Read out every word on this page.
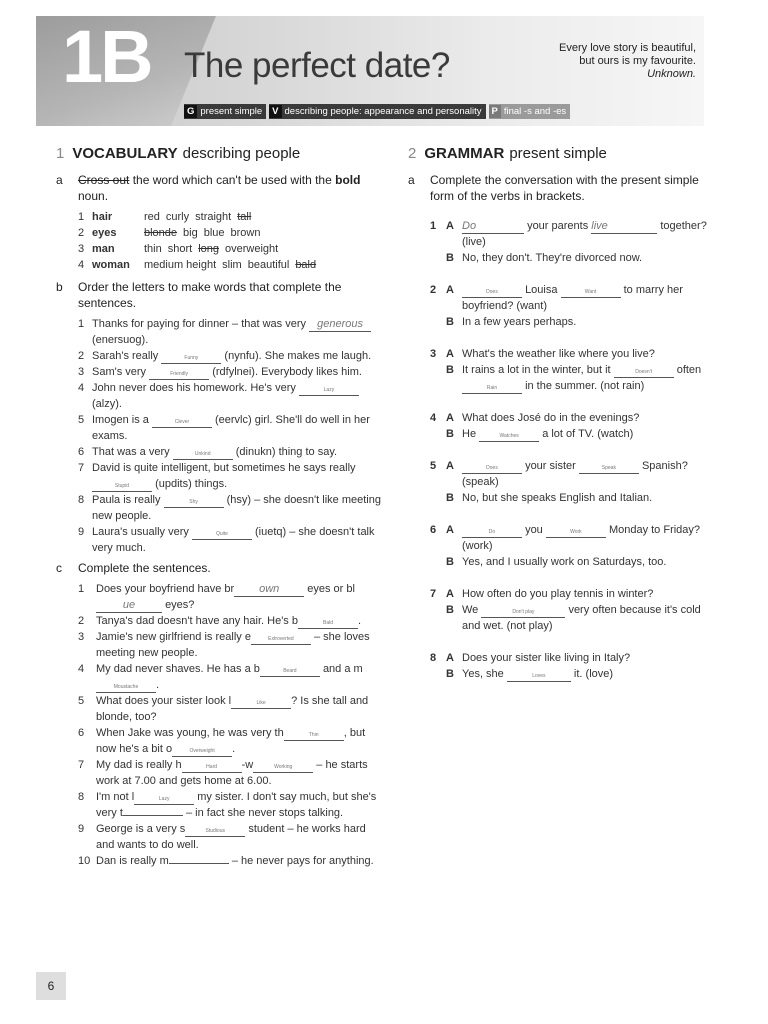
1B The perfect date?	Every love story is beautiful,
but ours is my favourite.
Unknown.
G present simple	V describing people: appearance and personality	P final -s and -es
1 VOCABULARY describing people
a	Cross out the word which can't be used with the bold noun.
1 hair	red curly straight tall
2 eyes	blonde big blue brown
3 man	thin short long overweight
4 woman	medium height slim beautiful bald
b	Order the letters to make words that complete the sentences.
1 Thanks for paying for dinner – that was very generous (enersuog).
2 Sarah's really	Funny (nynfu). She makes me laugh.
3 Sam's very	Friendly (rdfylnei). Everybody likes him.
4 John never does his homework. He's very	Lazy (alzy).
5 Imogen is a	Clever (eervlc) girl. She'll do well in her exams.
6 That was a very	Unkind (dinukn) thing to say.
7 David is quite intelligent, but sometimes he says really Stupid (updits) things.
8 Paula is really	Shy	(hsy) – she doesn't like meeting new people.
9 Laura's usually very	Quite (iuetq) – she doesn't talk very much.
c	Complete the sentences.
1	Does your boyfriend have br own	eyes or blue	eyes?
2	Tanya's dad doesn't have any hair. He's b	Bald .
3	Jamie's new girlfriend is really e	Extroverted – she loves meeting new people.
4	My dad never shaves. He has a b	Beard and a mMoustache .
5	What does your sister look l	Like ? Is she tall and blonde, too?
6	When Jake was young, he was very th	Thin , but now he's a bit o	Overweight .
7	My dad is really h	Hard -w	Working – he starts work at 7.00 and gets home at 6.00.
8	I'm not l	Lazy	my sister. I don't say much, but she's very t	– in fact she never stops talking.
9	George is a very s	Studious student – he works hard and wants to do well.
10 Dan is really m	– he never pays for anything.
2 GRAMMAR present simple
a	Complete the conversation with the present simple form of the verbs in brackets.
1 A Do	your parents live	together? (live)
B No, they don't. They're divorced now.
2 A	Does Louisa	Want to marry her boyfriend? (want)
B In a few years perhaps.
3 A What's the weather like where you live?
B It rains a lot in the winter, but it	Doesn't often Rain	in the summer. (not rain)
4 A What does José do in the evenings?
B He	Watches a lot of TV. (watch)
5 A	Does your sister	Speak Spanish? (speak)
B No, but she speaks English and Italian.
6 A	Do	you	Work Monday to Friday? (work)
B Yes, and I usually work on Saturdays, too.
7 A How often do you play tennis in winter?
B We	Don't play	very often because it's cold and wet. (not play)
8 A Does your sister like living in Italy?
B Yes, she	Loves	it. (love)
6
